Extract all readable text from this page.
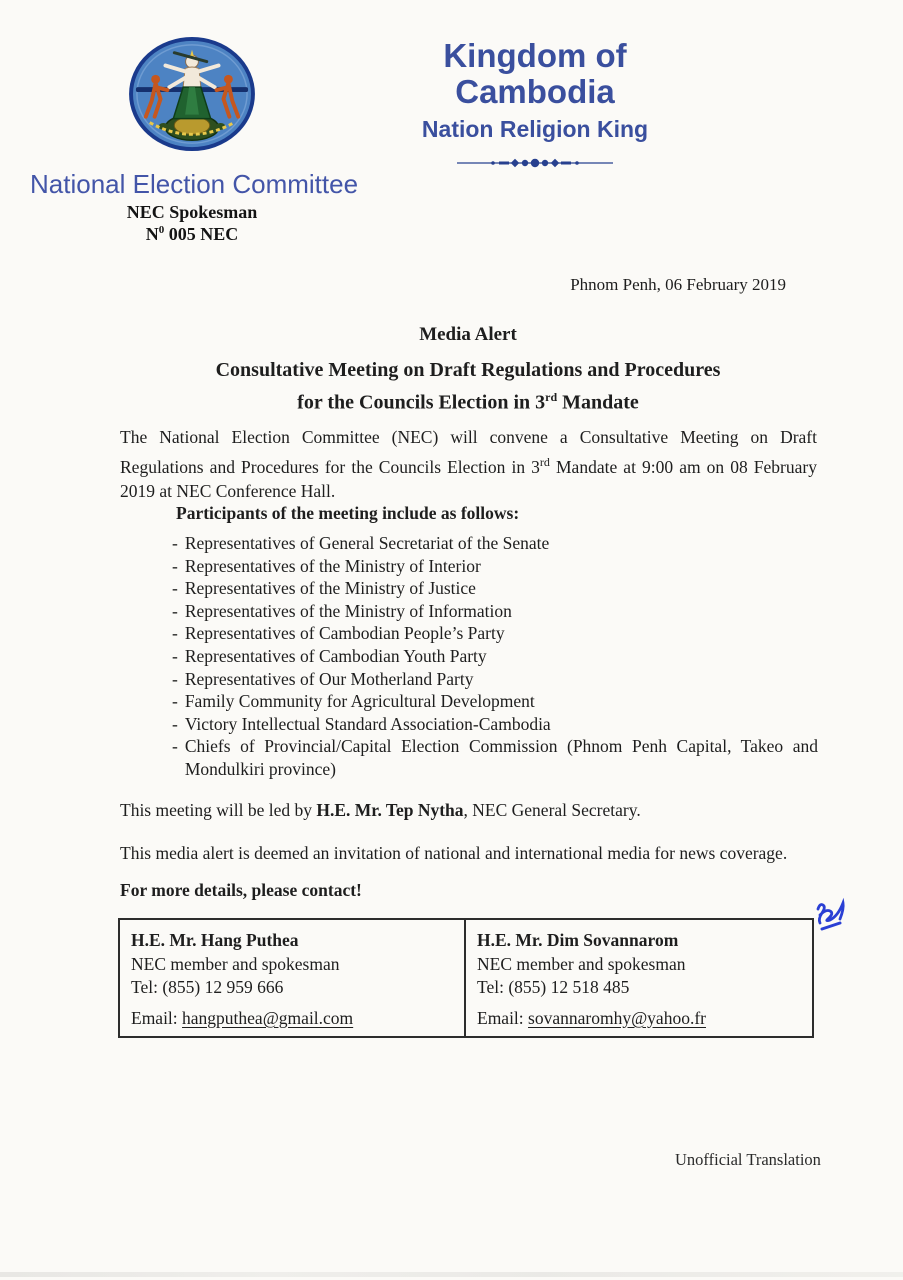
National Election Committee
NEC Spokesman
$N^0$ 005 NEC
Kingdom of Cambodia
Nation Religion King
Phnom Penh, 06 February 2019
Media Alert
Consultative Meeting on Draft Regulations and Procedures
for the Councils Election in 3rd Mandate

The National Election Committee (NEC) will convene a Consultative Meeting on Draft Regulations and Procedures for the Councils Election in 3rd Mandate at 9:00 am on 08 February 2019 at NEC Conference Hall.

Participants of the meeting include as follows:
- Representatives of General Secretariat of the Senate
- Representatives of the Ministry of Interior
- Representatives of the Ministry of Justice
- Representatives of the Ministry of Information
- Representatives of Cambodian People’s Party
- Representatives of Cambodian Youth Party
- Representatives of Our Motherland Party
- Family Community for Agricultural Development
- Victory Intellectual Standard Association-Cambodia
- Chiefs of Provincial/Capital Election Commission (Phnom Penh Capital, Takeo and Mondulkiri province)

This meeting will be led by H.E. Mr. Tep Nytha, NEC General Secretary.

This media alert is deemed an invitation of national and international media for news coverage.

For more details, please contact!
H.E. Mr. Hang Puthea
NEC member and spokesman
Tel: (855) 12 959 666
Email: hangputhea@gmail.com
H.E. Mr. Dim Sovannarom
NEC member and spokesman
Tel: (855) 12 518 485
Email: sovannaromhy@yahoo.fr
Unofficial Translation
